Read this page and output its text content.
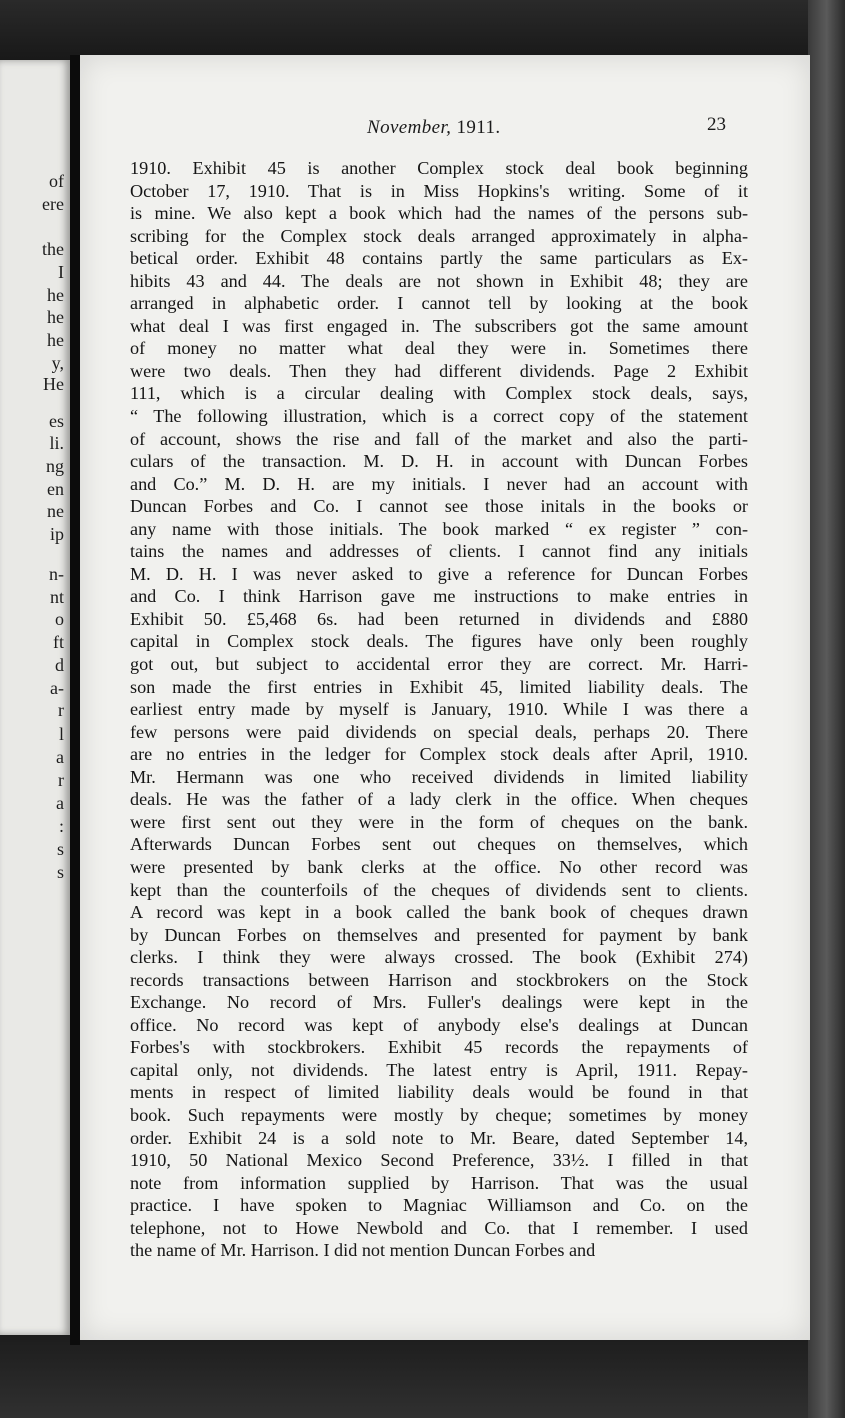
of
ere
the
I
he
he
he
y,
He
es
li.
ng
en
ne
ip
n-
nt
o
ft
d
a-
r
l
a
r
a
:
s
s
November, 1911.	23
1910. Exhibit 45 is another Complex stock deal book beginning
October 17, 1910. That is in Miss Hopkins's writing. Some of it
is mine. We also kept a book which had the names of the persons sub-
scribing for the Complex stock deals arranged approximately in alpha-
betical order. Exhibit 48 contains partly the same particulars as Ex-
hibits 43 and 44. The deals are not shown in Exhibit 48; they are
arranged in alphabetic order. I cannot tell by looking at the book
what deal I was first engaged in. The subscribers got the same amount
of money no matter what deal they were in. Sometimes there
were two deals. Then they had different dividends. Page 2 Exhibit
111, which is a circular dealing with Complex stock deals, says,
“ The following illustration, which is a correct copy of the statement
of account, shows the rise and fall of the market and also the parti-
culars of the transaction. M. D. H. in account with Duncan Forbes
and Co.” M. D. H. are my initials. I never had an account with
Duncan Forbes and Co. I cannot see those initals in the books or
any name with those initials. The book marked “ ex register ” con-
tains the names and addresses of clients. I cannot find any initials
M. D. H. I was never asked to give a reference for Duncan Forbes
and Co. I think Harrison gave me instructions to make entries in
Exhibit 50. £5,468 6s. had been returned in dividends and £880
capital in Complex stock deals. The figures have only been roughly
got out, but subject to accidental error they are correct. Mr. Harri-
son made the first entries in Exhibit 45, limited liability deals. The
earliest entry made by myself is January, 1910. While I was there a
few persons were paid dividends on special deals, perhaps 20. There
are no entries in the ledger for Complex stock deals after April, 1910.
Mr. Hermann was one who received dividends in limited liability
deals. He was the father of a lady clerk in the office. When cheques
were first sent out they were in the form of cheques on the bank.
Afterwards Duncan Forbes sent out cheques on themselves, which
were presented by bank clerks at the office. No other record was
kept than the counterfoils of the cheques of dividends sent to clients.
A record was kept in a book called the bank book of cheques drawn
by Duncan Forbes on themselves and presented for payment by bank
clerks. I think they were always crossed. The book (Exhibit 274)
records transactions between Harrison and stockbrokers on the Stock
Exchange. No record of Mrs. Fuller's dealings were kept in the
office. No record was kept of anybody else's dealings at Duncan
Forbes's with stockbrokers. Exhibit 45 records the repayments of
capital only, not dividends. The latest entry is April, 1911. Repay-
ments in respect of limited liability deals would be found in that
book. Such repayments were mostly by cheque; sometimes by money
order. Exhibit 24 is a sold note to Mr. Beare, dated September 14,
1910, 50 National Mexico Second Preference, 33½. I filled in that
note from information supplied by Harrison. That was the usual
practice. I have spoken to Magniac Williamson and Co. on the
telephone, not to Howe Newbold and Co. that I remember. I used
the name of Mr. Harrison. I did not mention Duncan Forbes and
